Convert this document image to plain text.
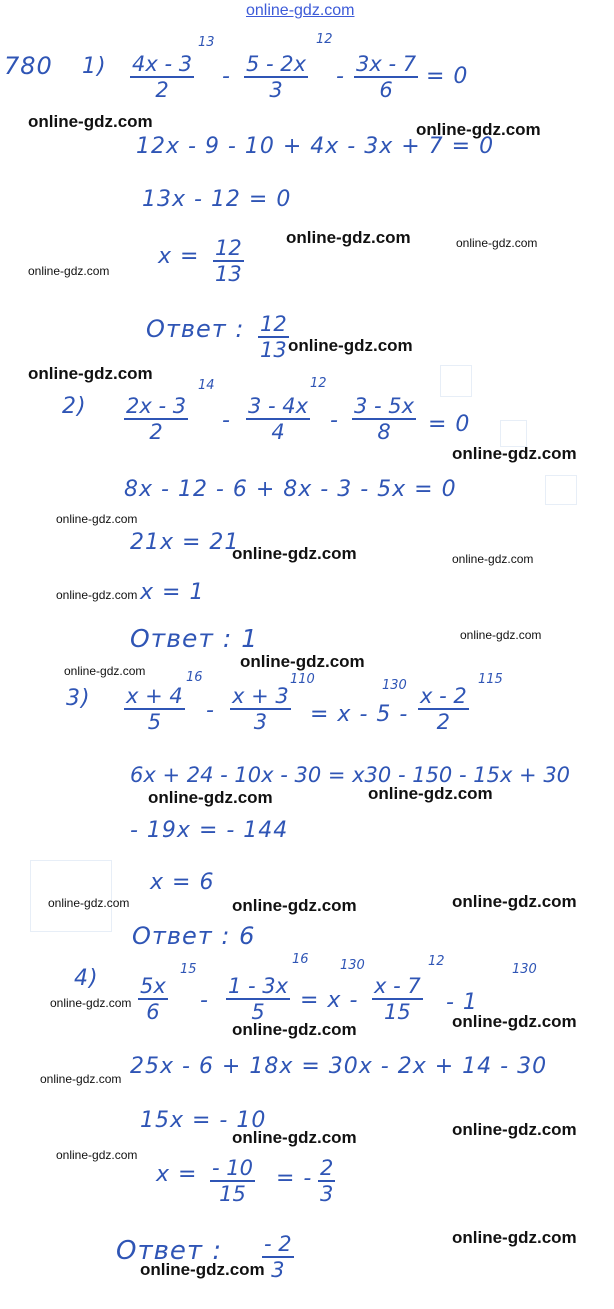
online-gdz.com
780 $1) \frac{4x - 3}{2}$
13
- $\frac{5 - 2x}{3}$
12
- $\frac{3x - 7}{6} = 0$
12x - 9 - 10 + 4x - 3x + 7 = 0
13x - 12 = 0
$x = \frac{12}{13}$
Ответ : $\frac{12}{13}$
$2) \frac{2x - 3}{2}$
14
- $\frac{3 - 4x}{4}$
12
- $\frac{3 - 5x}{8} = 0$
8x - 12 - 6 + 8x - 3 - 5x = 0
21x = 21
x = 1
Ответ : 1
$3) \frac{x + 4}{5}$
16
- $\frac{x + 3}{3}$
110
= x - 5 -
$130 \frac{x - 2}{2}$
115
6x + 24 - 10x - 30 = x30 - 150 - 15x + 30
- 19x = - 144
x = 6
Ответ : 6
$4) \frac{5x}{6}$
15
- $\frac{1 - 3x}{5}$
16
= x -
130
$\frac{x - 7}{15}$
12
- 1
130
25x - 6 + 18x = 30x - 2x + 14 - 30
15x = - 10
$x = \frac{- 10}{15}$ = - $\frac{2}{3}$
Ответ : $\frac{- 2}{3}$
online-gdz.com	online-gdz.com
online-gdz.com	online-gdz.com
online-gdz.com
online-gdz.com
online-gdz.com
online-gdz.com
online-gdz.com
online-gdz.com	online-gdz.com
online-gdz.com
online-gdz.com
online-gdz.com
online-gdz.com
online-gdz.com
online-gdz.com
online-gdz.com
online-gdz.com	online-gdz.com
online-gdz.com
online-gdz.com
online-gdz.com
online-gdz.com
online-gdz.com
online-gdz.com
online-gdz.com
online-gdz.com
online-gdz.com
